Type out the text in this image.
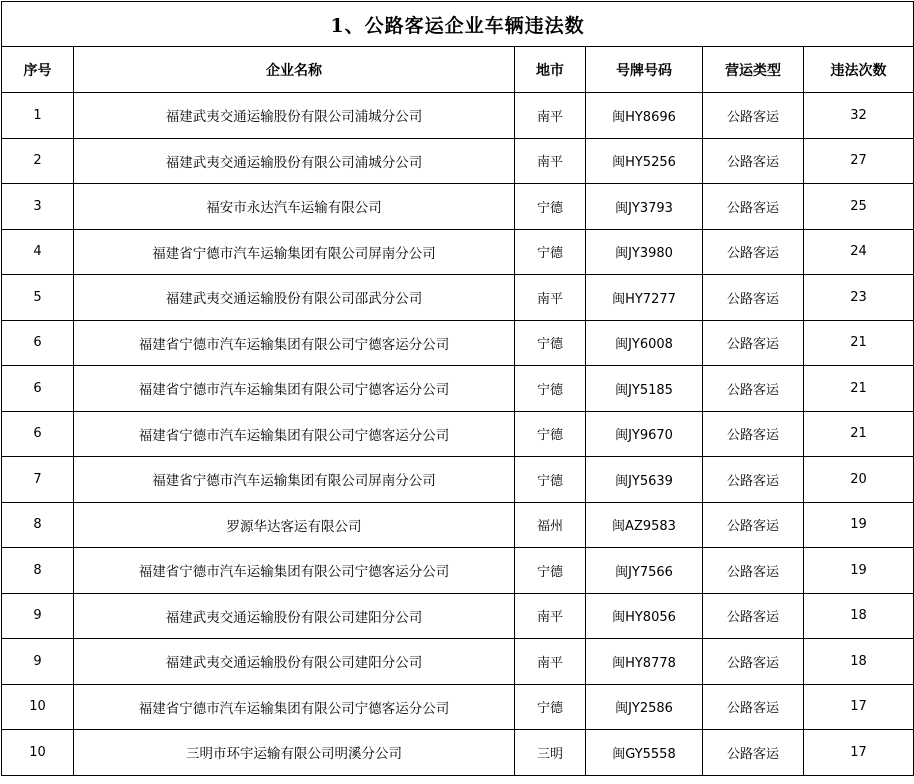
1、公路客运企业车辆违法数					
序号	企业名称	地市	号牌号码	营运类型	违法次数
1	福建武夷交通运输股份有限公司浦城分公司	南平	闽HY8696	公路客运	32
2	福建武夷交通运输股份有限公司浦城分公司	南平	闽HY5256	公路客运	27
3	福安市永达汽车运输有限公司	宁德	闽JY3793	公路客运	25
4	福建省宁德市汽车运输集团有限公司屏南分公司	宁德	闽JY3980	公路客运	24
5	福建武夷交通运输股份有限公司邵武分公司	南平	闽HY7277	公路客运	23
6	福建省宁德市汽车运输集团有限公司宁德客运分公司	宁德	闽JY6008	公路客运	21
6	福建省宁德市汽车运输集团有限公司宁德客运分公司	宁德	闽JY5185	公路客运	21
6	福建省宁德市汽车运输集团有限公司宁德客运分公司	宁德	闽JY9670	公路客运	21
7	福建省宁德市汽车运输集团有限公司屏南分公司	宁德	闽JY5639	公路客运	20
8	罗源华达客运有限公司	福州	闽AZ9583	公路客运	19
8	福建省宁德市汽车运输集团有限公司宁德客运分公司	宁德	闽JY7566	公路客运	19
9	福建武夷交通运输股份有限公司建阳分公司	南平	闽HY8056	公路客运	18
9	福建武夷交通运输股份有限公司建阳分公司	南平	闽HY8778	公路客运	18
10	福建省宁德市汽车运输集团有限公司宁德客运分公司	宁德	闽JY2586	公路客运	17
10	三明市环宇运输有限公司明溪分公司	三明	闽GY5558	公路客运	17
